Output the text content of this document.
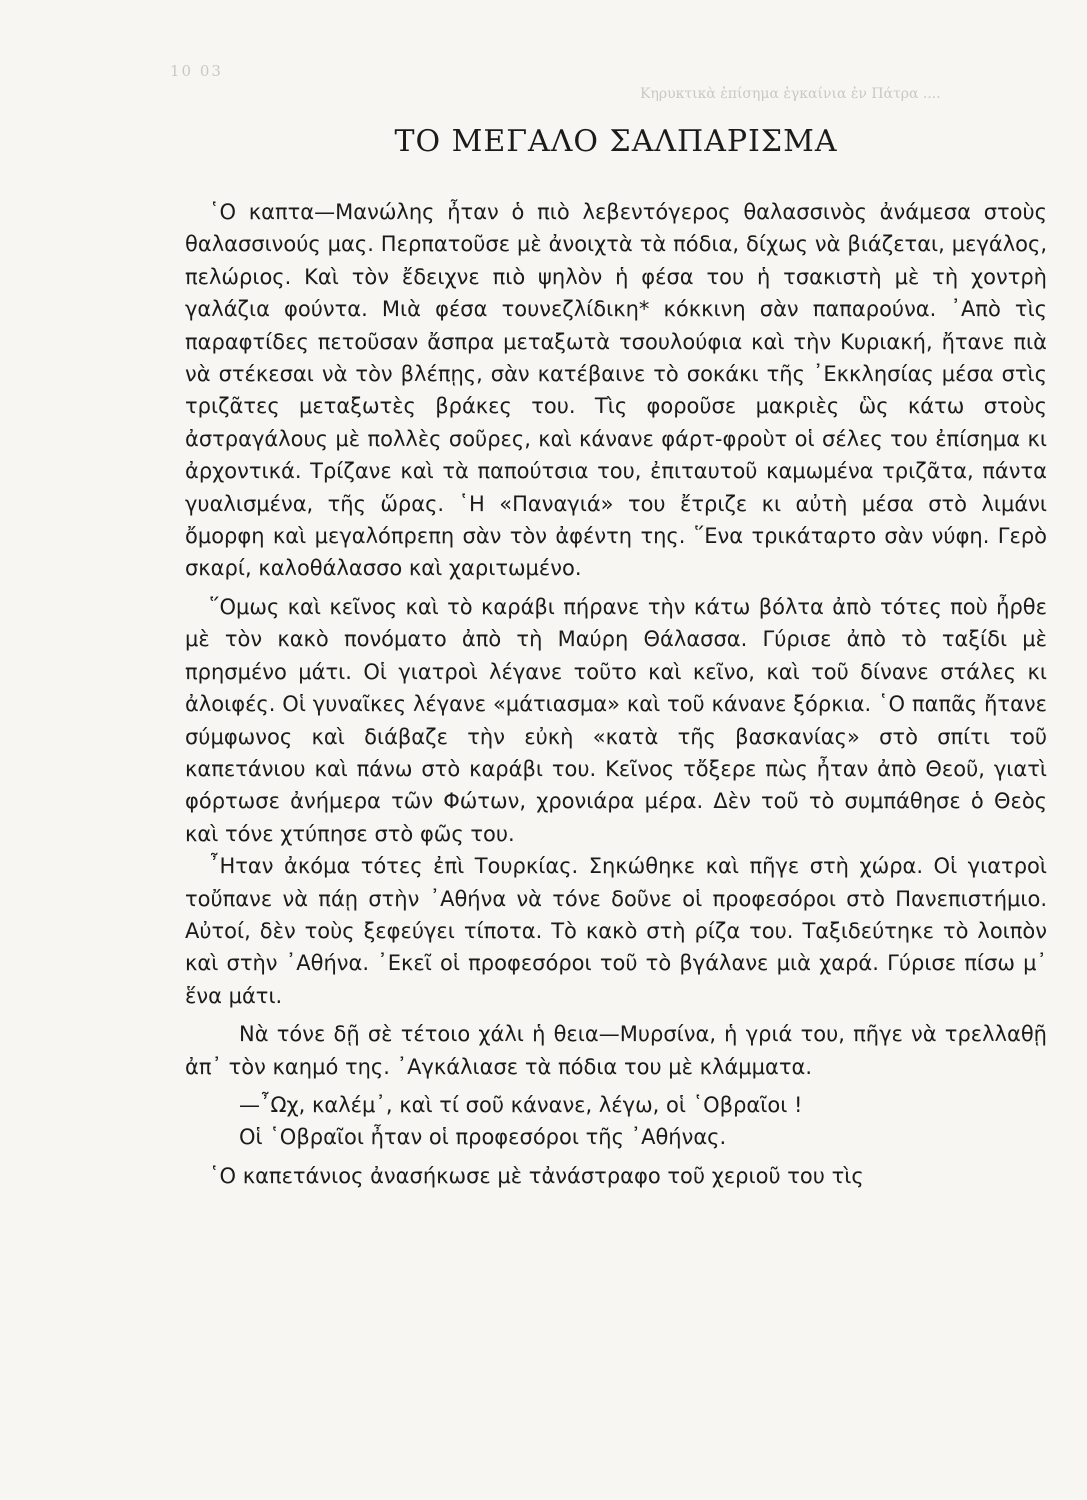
10 03
Κηρυκτικὰ ἐπίσημα ἐγκαίνια ἐν Πάτρα ....
ΤΟ ΜΕΓΑΛΟ ΣΑΛΠΑΡΙΣΜΑ

῾Ο καπτα—Μανώλης ἦταν ὁ πιὸ λεβεντόγερος θαλασσινὸς ἀνάμεσα στοὺς θαλασσινούς μας. Περπατοῦσε μὲ ἀνοιχτὰ τὰ πόδια, δίχως νὰ βιάζεται, μεγάλος, πελώριος. Καὶ τὸν ἔδειχνε πιὸ ψηλὸν ἡ φέσα του ἡ τσακιστὴ μὲ τὴ χοντρὴ γαλάζια φούντα. Μιὰ φέσα τουνεζλίδικη* κόκκινη σὰν παπαρούνα. ᾿Απὸ τὶς παραφτίδες πετοῦσαν ἄσπρα μεταξωτὰ τσουλούφια καὶ τὴν Κυριακή, ἤτανε πιὰ νὰ στέκεσαι νὰ τὸν βλέπῃς, σὰν κατέβαινε τὸ σοκάκι τῆς ᾿Εκκλησίας μέσα στὶς τριζᾶτες μεταξωτὲς βράκες του. Τὶς φοροῦσε μακριὲς ὣς κάτω στοὺς ἀστραγάλους μὲ πολλὲς σοῦρες, καὶ κάνανε φάρτ-φροὺτ οἱ σέλες του ἐπίσημα κι ἀρχοντικά. Τρίζανε καὶ τὰ παπούτσια του, ἐπιταυτοῦ καμωμένα τριζᾶτα, πάντα γυαλισμένα, τῆς ὥρας. ῾Η «Παναγιά» του ἔτριζε κι αὐτὴ μέσα στὸ λιμάνι ὄμορφη καὶ μεγαλόπρεπη σὰν τὸν ἀφέντη της. ῞Ενα τρικάταρτο σὰν νύφη. Γερὸ σκαρί, καλοθάλασσο καὶ χαριτωμένο.

῞Ομως καὶ κεῖνος καὶ τὸ καράβι πήρανε τὴν κάτω βόλτα ἀπὸ τότες ποὺ ἦρθε μὲ τὸν κακὸ πονόματο ἀπὸ τὴ Μαύρη Θάλασσα. Γύρισε ἀπὸ τὸ ταξίδι μὲ πρησμένο μάτι. Οἱ γιατροὶ λέγανε τοῦτο καὶ κεῖνο, καὶ τοῦ δίνανε στάλες κι ἀλοιφές. Οἱ γυναῖκες λέγανε «μάτιασμα» καὶ τοῦ κάνανε ξόρκια. ῾Ο παπᾶς ἤτανε σύμφωνος καὶ διάβαζε τὴν εὐκὴ «κατὰ τῆς βασκανίας» στὸ σπίτι τοῦ καπετάνιου καὶ πάνω στὸ καράβι του. Κεῖνος τὄξερε πὼς ἦταν ἀπὸ Θεοῦ, γιατὶ φόρτωσε ἀνήμερα τῶν Φώτων, χρονιάρα μέρα. Δὲν τοῦ τὸ συμπάθησε ὁ Θεὸς καὶ τόνε χτύπησε στὸ φῶς του.

῏Ηταν ἀκόμα τότες ἐπὶ Τουρκίας. Σηκώθηκε καὶ πῆγε στὴ χώρα. Οἱ γιατροὶ τοὔπανε νὰ πάῃ στὴν ᾿Αθήνα νὰ τόνε δοῦνε οἱ προφεσόροι στὸ Πανεπιστήμιο. Αὐτοί, δὲν τοὺς ξεφεύγει τίποτα. Τὸ κακὸ στὴ ρίζα του. Ταξιδεύτηκε τὸ λοιπὸν καὶ στὴν ᾿Αθήνα. ᾿Εκεῖ οἱ προφεσόροι τοῦ τὸ βγάλανε μιὰ χαρά. Γύρισε πίσω μ᾿ ἕνα μάτι.

Νὰ τόνε δῇ σὲ τέτοιο χάλι ἡ θεια—Μυρσίνα, ἡ γριά του, πῆγε νὰ τρελλαθῇ ἀπ᾿ τὸν καημό της. ᾿Αγκάλιασε τὰ πόδια του μὲ κλάμματα.

—῏Ωχ, καλέμ᾿, καὶ τί σοῦ κάνανε, λέγω, οἱ ῾Οβραῖοι !

Οἱ ῾Οβραῖοι ἦταν οἱ προφεσόροι τῆς ᾿Αθήνας.

῾Ο καπετάνιος ἀνασήκωσε μὲ τἀνάστραφο τοῦ χεριοῦ του τὶς
